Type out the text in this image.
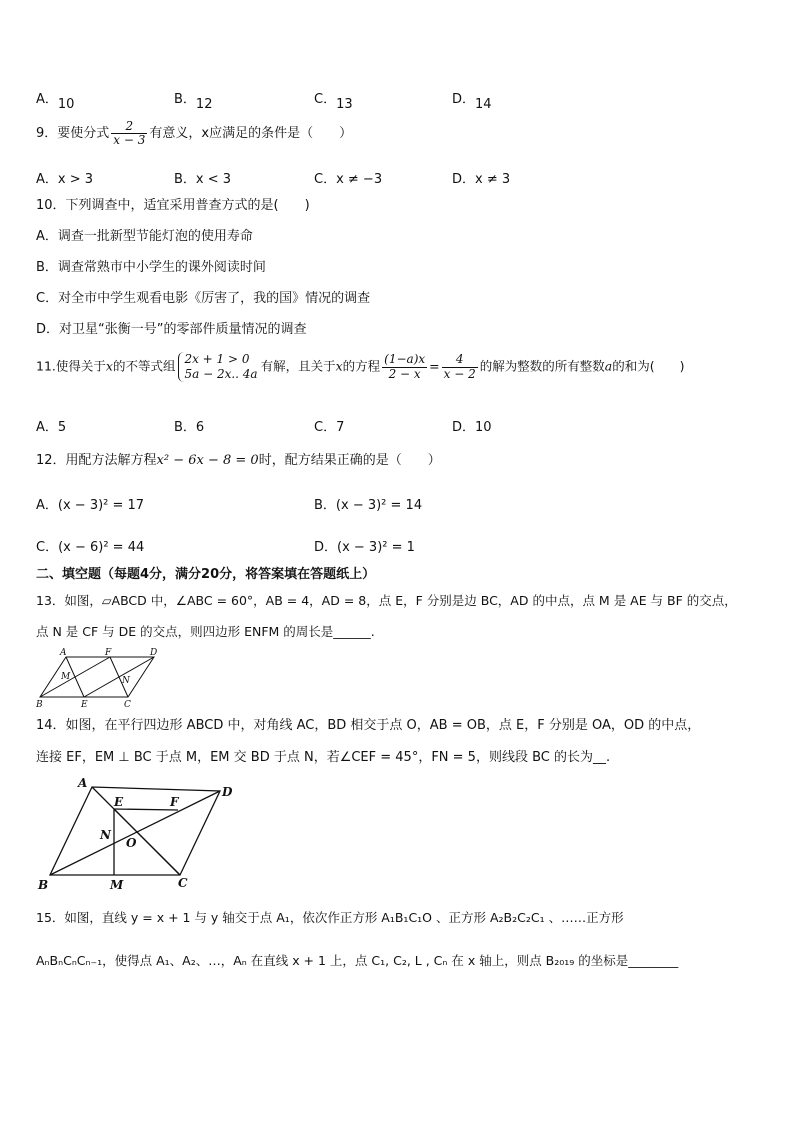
A．10	B．12	C．13	D．14
9．要使分式 $\frac{2}{x - 3}$ 有意义，x应满足的条件是（　　）
A．x > 3	B．x < 3	C．x ≠ −3	D．x ≠ 3
10．下列调查中，适宜采用普查方式的是(　　)
A．调查一批新型节能灯泡的使用寿命
B．调查常熟市中小学生的课外阅读时间
C．对全市中学生观看电影《厉害了，我的国》情况的调查
D．对卫星“张衡一号”的零部件质量情况的调查
11.使得关于x的不等式组 2x + 1 > 0
5a − 2x.. 4a
有解，且关于x的方程 $\frac{(1-a)x}{2 - x} = \frac{4}{x - 2}$ 的解为整数的所有整数a的和为(　　)
A．5	B．6	C．7	D．10
12．用配方法解方程x² − 6x − 8 = 0时，配方结果正确的是（　　）
A．(x − 3)² = 17	B．(x − 3)² = 14
C．(x − 6)² = 44	D．(x − 3)² = 1
二、填空题（每题4分，满分20分，将答案填在答题纸上）
13．如图，▱ABCD 中，∠ABC = 60°，AB = 4，AD = 8，点 E，F 分别是边 BC，AD 的中点，点 M 是 AE 与 BF 的交点，
点 N 是 CF 与 DE 的交点，则四边形 ENFM 的周长是______.
A	F	D
M	N
B	E	C
14．如图，在平行四边形 ABCD 中，对角线 AC，BD 相交于点 O，AB = OB，点 E，F 分别是 OA，OD 的中点，
连接 EF，EM ⊥ BC 于点 M，EM 交 BD 于点 N，若∠CEF = 45°，FN = 5，则线段 BC 的长为__.
A
E	F
D
N
O
B	M	C
15．如图，直线 y = x + 1 与 y 轴交于点 A₁，依次作正方形 A₁B₁C₁O 、正方形 A₂B₂C₂C₁ 、……正方形
AₙBₙCₙCₙ₋₁，使得点 A₁、A₂、…，Aₙ 在直线 x + 1 上，点 C₁, C₂, L , Cₙ 在 x 轴上，则点 B₂₀₁₉ 的坐标是________
